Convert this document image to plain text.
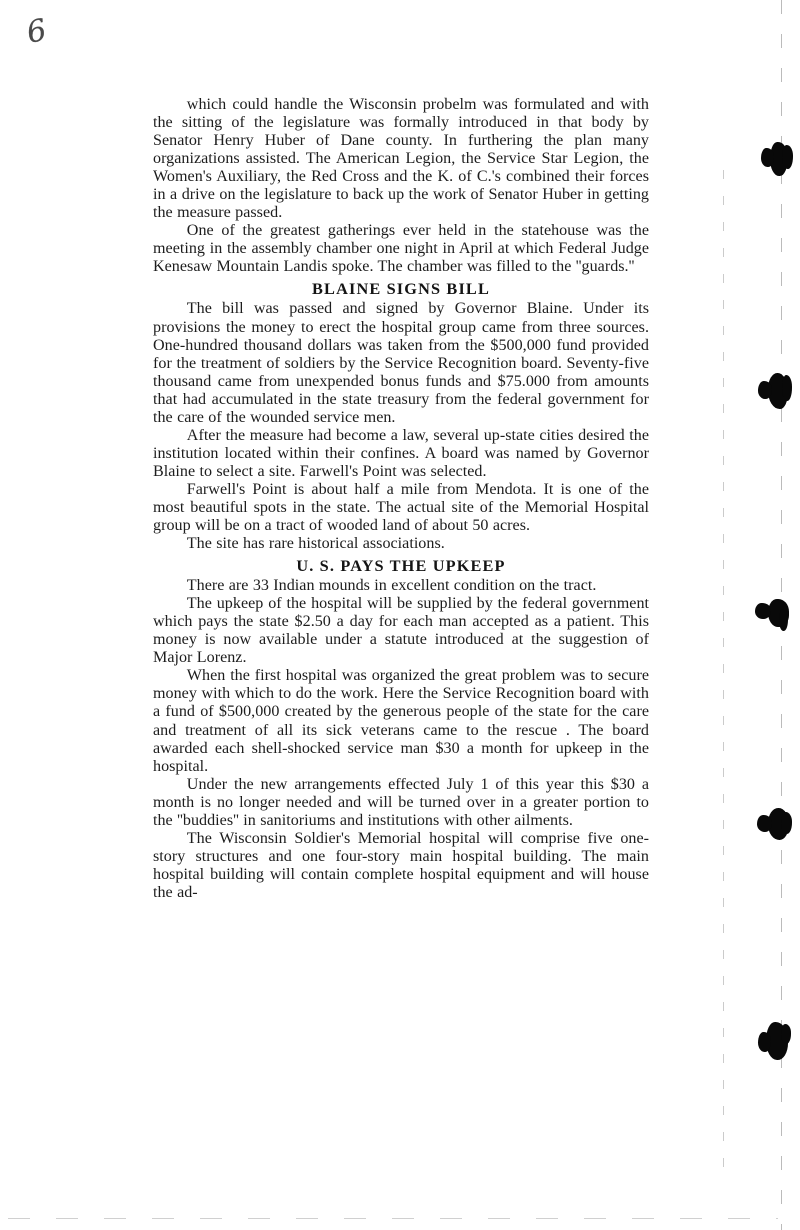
6

which could handle the Wisconsin probelm was formulated and with the sitting of the legislature was formally introduced in that body by Senator Henry Huber of Dane county. In furthering the plan many organizations assisted. The American Legion, the Service Star Legion, the Women's Auxiliary, the Red Cross and the K. of C.'s combined their forces in a drive on the legislature to back up the work of Senator Huber in getting the measure passed.

One of the greatest gatherings ever held in the statehouse was the meeting in the assembly chamber one night in April at which Federal Judge Kenesaw Mountain Landis spoke. The chamber was filled to the ''guards.''

BLAINE SIGNS BILL

The bill was passed and signed by Governor Blaine. Under its provisions the money to erect the hospital group came from three sources. One-hundred thousand dollars was taken from the $500,000 fund provided for the treatment of soldiers by the Service Recognition board. Seventy-five thousand came from unexpended bonus funds and $75.000 from amounts that had accumulated in the state treasury from the federal government for the care of the wounded service men.

After the measure had become a law, several up-state cities desired the institution located within their confines. A board was named by Governor Blaine to select a site. Farwell's Point was selected.

Farwell's Point is about half a mile from Mendota. It is one of the most beautiful spots in the state. The actual site of the Memorial Hospital group will be on a tract of wooded land of about 50 acres.

The site has rare historical associations.

U. S. PAYS THE UPKEEP

There are 33 Indian mounds in excellent condition on the tract.

The upkeep of the hospital will be supplied by the federal government which pays the state $2.50 a day for each man accepted as a patient. This money is now available under a statute introduced at the suggestion of Major Lorenz.

When the first hospital was organized the great problem was to secure money with which to do the work. Here the Service Recognition board with a fund of $500,000 created by the generous people of the state for the care and treatment of all its sick veterans came to the rescue . The board awarded each shell-shocked service man $30 a month for upkeep in the hospital.

Under the new arrangements effected July 1 of this year this $30 a month is no longer needed and will be turned over in a greater portion to the ''buddies'' in sanitoriums and institutions with other ailments.

The Wisconsin Soldier's Memorial hospital will comprise five one-story structures and one four-story main hospital building. The main hospital building will contain complete hospital equipment and will house the ad-
